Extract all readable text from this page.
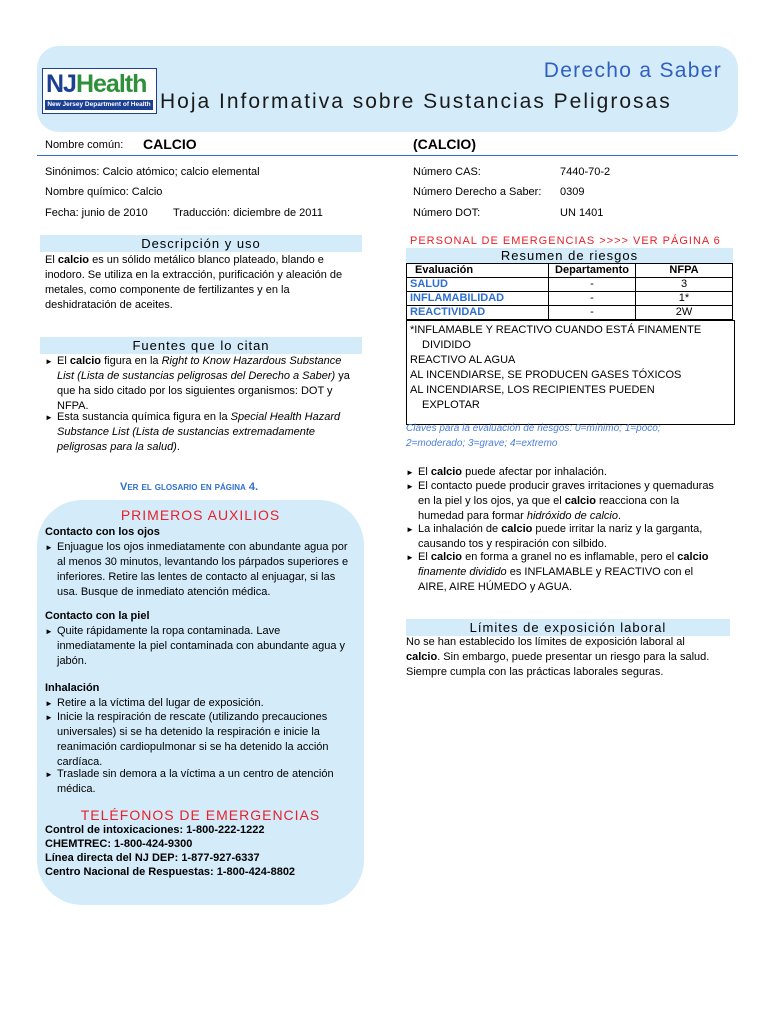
NJHealth
New Jersey Department of Health
Derecho a Saber
Hoja Informativa sobre Sustancias Peligrosas
Nombre común: CALCIO	(CALCIO)
Sinónimos: Calcio atómico; calcio elemental
Nombre químico: Calcio
Fecha: junio de 2010 Traducción: diciembre de 2011
Número CAS:	7440-70-2
Número Derecho a Saber: 0309
Número DOT:	UN 1401
Descripción y uso
El calcio es un sólido metálico blanco plateado, blando e
inodoro. Se utiliza en la extracción, purificación y aleación de
metales, como componente de fertilizantes y en la
deshidratación de aceites.
Fuentes que lo citan
► El calcio figura en la Right to Know Hazardous Substance
List (Lista de sustancias peligrosas del Derecho a Saber) ya
que ha sido citado por los siguientes organismos: DOT y
NFPA.
► Esta sustancia química figura en la Special Health Hazard
Substance List (Lista de sustancias extremadamente
peligrosas para la salud).
Ver el glosario en página 4.
PRIMEROS AUXILIOS
Contacto con los ojos
► Enjuague los ojos inmediatamente con abundante agua por
al menos 30 minutos, levantando los párpados superiores e
inferiores. Retire las lentes de contacto al enjuagar, si las
usa. Busque de inmediato atención médica.
Contacto con la piel
► Quite rápidamente la ropa contaminada. Lave
inmediatamente la piel contaminada con abundante agua y
jabón.
Inhalación
► Retire a la víctima del lugar de exposición.
► Inicie la respiración de rescate (utilizando precauciones
universales) si se ha detenido la respiración e inicie la
reanimación cardiopulmonar si se ha detenido la acción
cardíaca.
► Traslade sin demora a la víctima a un centro de atención
médica.
TELÉFONOS DE EMERGENCIAS
Control de intoxicaciones: 1-800-222-1222
CHEMTREC: 1-800-424-9300
Línea directa del NJ DEP: 1-877-927-6337
Centro Nacional de Respuestas: 1-800-424-8802
PERSONAL DE EMERGENCIAS >>>> VER PÁGINA 6
Resumen de riesgos
Evaluación	Departamento	NFPA
SALUD	-	3
INFLAMABILIDAD	-	1*
REACTIVIDAD	-	2W
*INFLAMABLE Y REACTIVO CUANDO ESTÁ FINAMENTE
DIVIDIDO
REACTIVO AL AGUA
AL INCENDIARSE, SE PRODUCEN GASES TÓXICOS
AL INCENDIARSE, LOS RECIPIENTES PUEDEN
EXPLOTAR
Claves para la evaluación de riesgos: 0=mínimo; 1=poco;
2=moderado; 3=grave; 4=extremo
► El calcio puede afectar por inhalación.
► El contacto puede producir graves irritaciones y quemaduras
en la piel y los ojos, ya que el calcio reacciona con la
humedad para formar hidróxido de calcio.
► La inhalación de calcio puede irritar la nariz y la garganta,
causando tos y respiración con silbido.
► El calcio en forma a granel no es inflamable, pero el calcio
finamente dividido es INFLAMABLE y REACTIVO con el
AIRE, AIRE HÚMEDO y AGUA.
Límites de exposición laboral
No se han establecido los límites de exposición laboral al
calcio. Sin embargo, puede presentar un riesgo para la salud.
Siempre cumpla con las prácticas laborales seguras.
